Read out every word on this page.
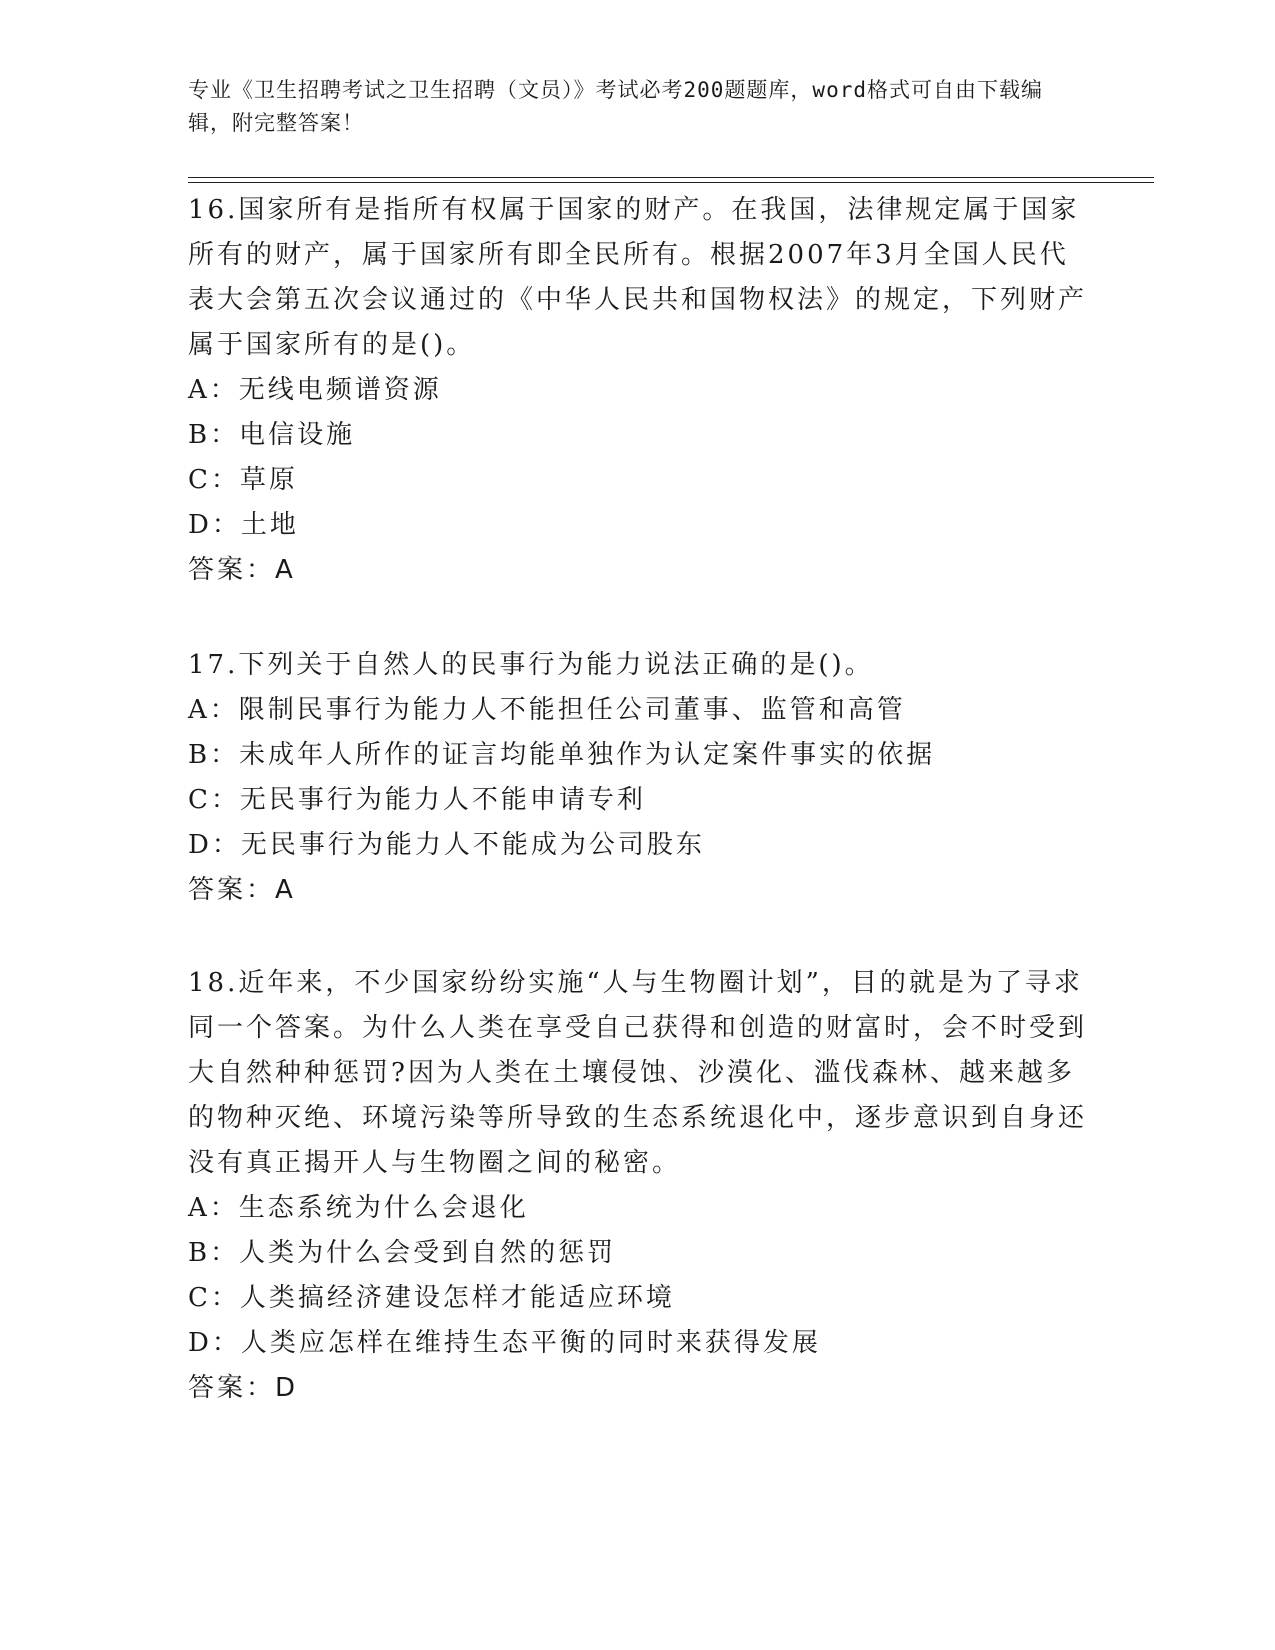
专业《卫生招聘考试之卫生招聘（文员）》考试必考200题题库，word格式可自由下载编辑，附完整答案！

16.国家所有是指所有权属于国家的财产。在我国，法律规定属于国家所有的财产，属于国家所有即全民所有。根据2007年3月全国人民代表大会第五次会议通过的《中华人民共和国物权法》的规定，下列财产属于国家所有的是()。

A：无线电频谱资源

B：电信设施

C：草原

D：土地

答案：A

17.下列关于自然人的民事行为能力说法正确的是()。

A：限制民事行为能力人不能担任公司董事、监管和高管

B：未成年人所作的证言均能单独作为认定案件事实的依据

C：无民事行为能力人不能申请专利

D：无民事行为能力人不能成为公司股东

答案：A

18.近年来，不少国家纷纷实施“人与生物圈计划”，目的就是为了寻求同一个答案。为什么人类在享受自己获得和创造的财富时，会不时受到大自然种种惩罚?因为人类在土壤侵蚀、沙漠化、滥伐森林、越来越多的物种灭绝、环境污染等所导致的生态系统退化中，逐步意识到自身还没有真正揭开人与生物圈之间的秘密。

A：生态系统为什么会退化

B：人类为什么会受到自然的惩罚

C：人类搞经济建设怎样才能适应环境

D：人类应怎样在维持生态平衡的同时来获得发展

答案：D
